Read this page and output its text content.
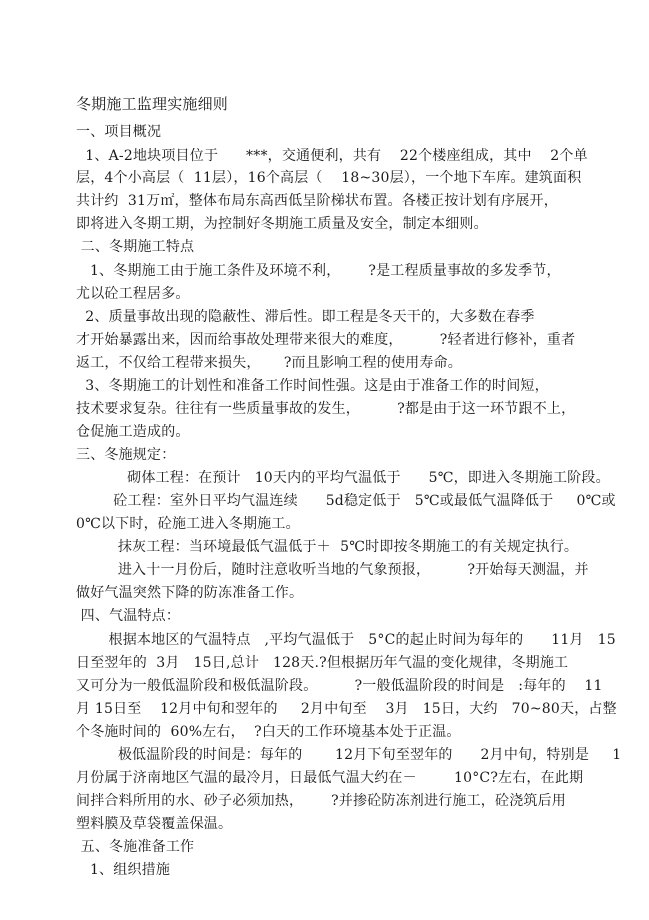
冬期施工监理实施细则
一、项目概况
1、A-2地块项目位于      ***，交通便利，共有    22个楼座组成，其中    2个单
层，4个小高层（  11层），16个高层（    18~30层），一个地下车库。建筑面积
共计约  31万㎡，整体布局东高西低呈阶梯状布置。各楼正按计划有序展开，
即将进入冬期工期，为控制好冬期施工质量及安全，制定本细则。
二、冬期施工特点
1、冬期施工由于施工条件及环境不利，      ?是工程质量事故的多发季节，
尤以砼工程居多。
2、质量事故出现的隐蔽性、滞后性。即工程是冬天干的，大多数在春季
才开始暴露出来，因而给事故处理带来很大的难度，        ?轻者进行修补，重者
返工，不仅给工程带来损失，     ?而且影响工程的使用寿命。
3、冬期施工的计划性和准备工作时间性强。这是由于准备工作的时间短，
技术要求复杂。往往有一些质量事故的发生，        ?都是由于这一环节跟不上，
仓促施工造成的。
三、冬施规定：
砌体工程：在预计   10天内的平均气温低于      5℃，即进入冬期施工阶段。
砼工程：室外日平均气温连续      5d稳定低于   5℃或最低气温降低于     0℃或
0℃以下时，砼施工进入冬期施工。
抹灰工程：当环境最低气温低于＋  5℃时即按冬期施工的有关规定执行。
进入十一月份后，随时注意收听当地的气象预报，        ?开始每天测温，并
做好气温突然下降的防冻准备工作。
四、气温特点：
根据本地区的气温特点   ,平均气温低于   5°C的起止时间为每年的      11月   15
日至翌年的  3月   15日,总计   128天.?但根据历年气温的变化规律，冬期施工
又可分为一般低温阶段和极低温阶段。        ?一般低温阶段的时间是   :每年的    11
月 15日至    12月中旬和翌年的     2月中旬至    3月   15日，大约   70~80天，占整
个冬施时间的  60%左右，  ?白天的工作环境基本处于正温。
极低温阶段的时间是：每年的       12月下旬至翌年的      2月中旬，特别是     1
月份属于济南地区气温的最冷月，日最低气温大约在－        10°C?左右，在此期
间拌合料所用的水、砂子必须加热，      ?并掺砼防冻剂进行施工，砼浇筑后用
塑料膜及草袋覆盖保温。
五、冬施准备工作
1、组织措施
